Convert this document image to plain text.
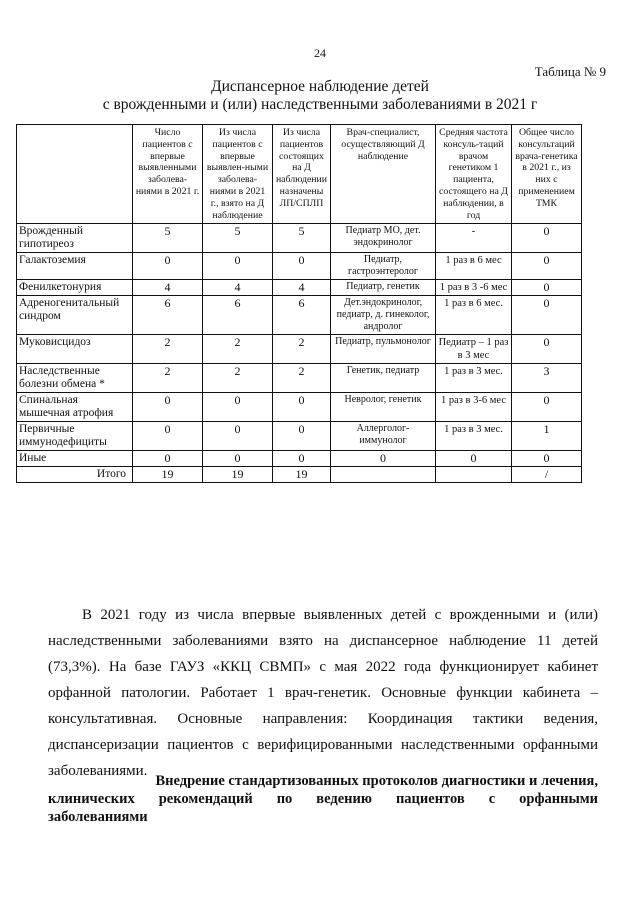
24
Таблица № 9
Диспансерное наблюдение детей
с врожденными и (или) наследственными заболеваниями в 2021 г
	Число пациентов с впервые выявленными заболева-ниями в 2021 г.	Из числа пациентов с впервые выявлен-ными заболева-ниями в 2021 г., взято на Д наблюдение	Из числа пациентов состоящих на Д наблюдении назначены ЛП/СПЛП	Врач-специалист, осуществляющий Д наблюдение	Средняя частота консуль-таций врачом генетиком 1 пациента, состоящего на Д наблюдении, в год	Общее число консультаций врача-генетика в 2021 г., из них с применением ТМК
Врожденный гипотиреоз	5	5	5	Педиатр МО, дет. эндокринолог	-	0
Галактоземия	0	0	0	Педиатр, гастроэнтеролог	1 раз в 6 мес	0
Фенилкетонурия	4	4	4	Педиатр, генетик	1 раз в 3 -6 мес	0
Адреногенитальный синдром	6	6	6	Дет.эндокринолог, педиатр, д. гинеколог, андролог	1 раз в 6 мес.	0
Муковисцидоз	2	2	2	Педиатр, пульмонолог	Педиатр – 1 раз в 3 мес	0
Наследственные болезни обмена *	2	2	2	Генетик, педиатр	1 раз в 3 мес.	3
Спинальная мышечная атрофия	0	0	0	Невролог, генетик	1 раз в 3-6 мес	0
Первичные иммунодефициты	0	0	0	Аллерголог-иммунолог	1 раз в 3 мес.	1
Иные	0	0	0	0	0	0
Итого	19	19	19			/
В 2021 году из числа впервые выявленных детей с врожденными и (или) наследственными заболеваниями взято на диспансерное наблюдение 11 детей (73,3%). На базе ГАУЗ «ККЦ СВМП» с мая 2022 года функционирует кабинет орфанной патологии. Работает 1 врач-генетик. Основные функции кабинета – консультативная. Основные направления: Координация тактики ведения, диспансеризации пациентов с верифицированными наследственными орфанными заболеваниями.
Внедрение стандартизованных протоколов диагностики и лечения,
клинических рекомендаций по ведению пациентов с орфанными
заболеваниями
